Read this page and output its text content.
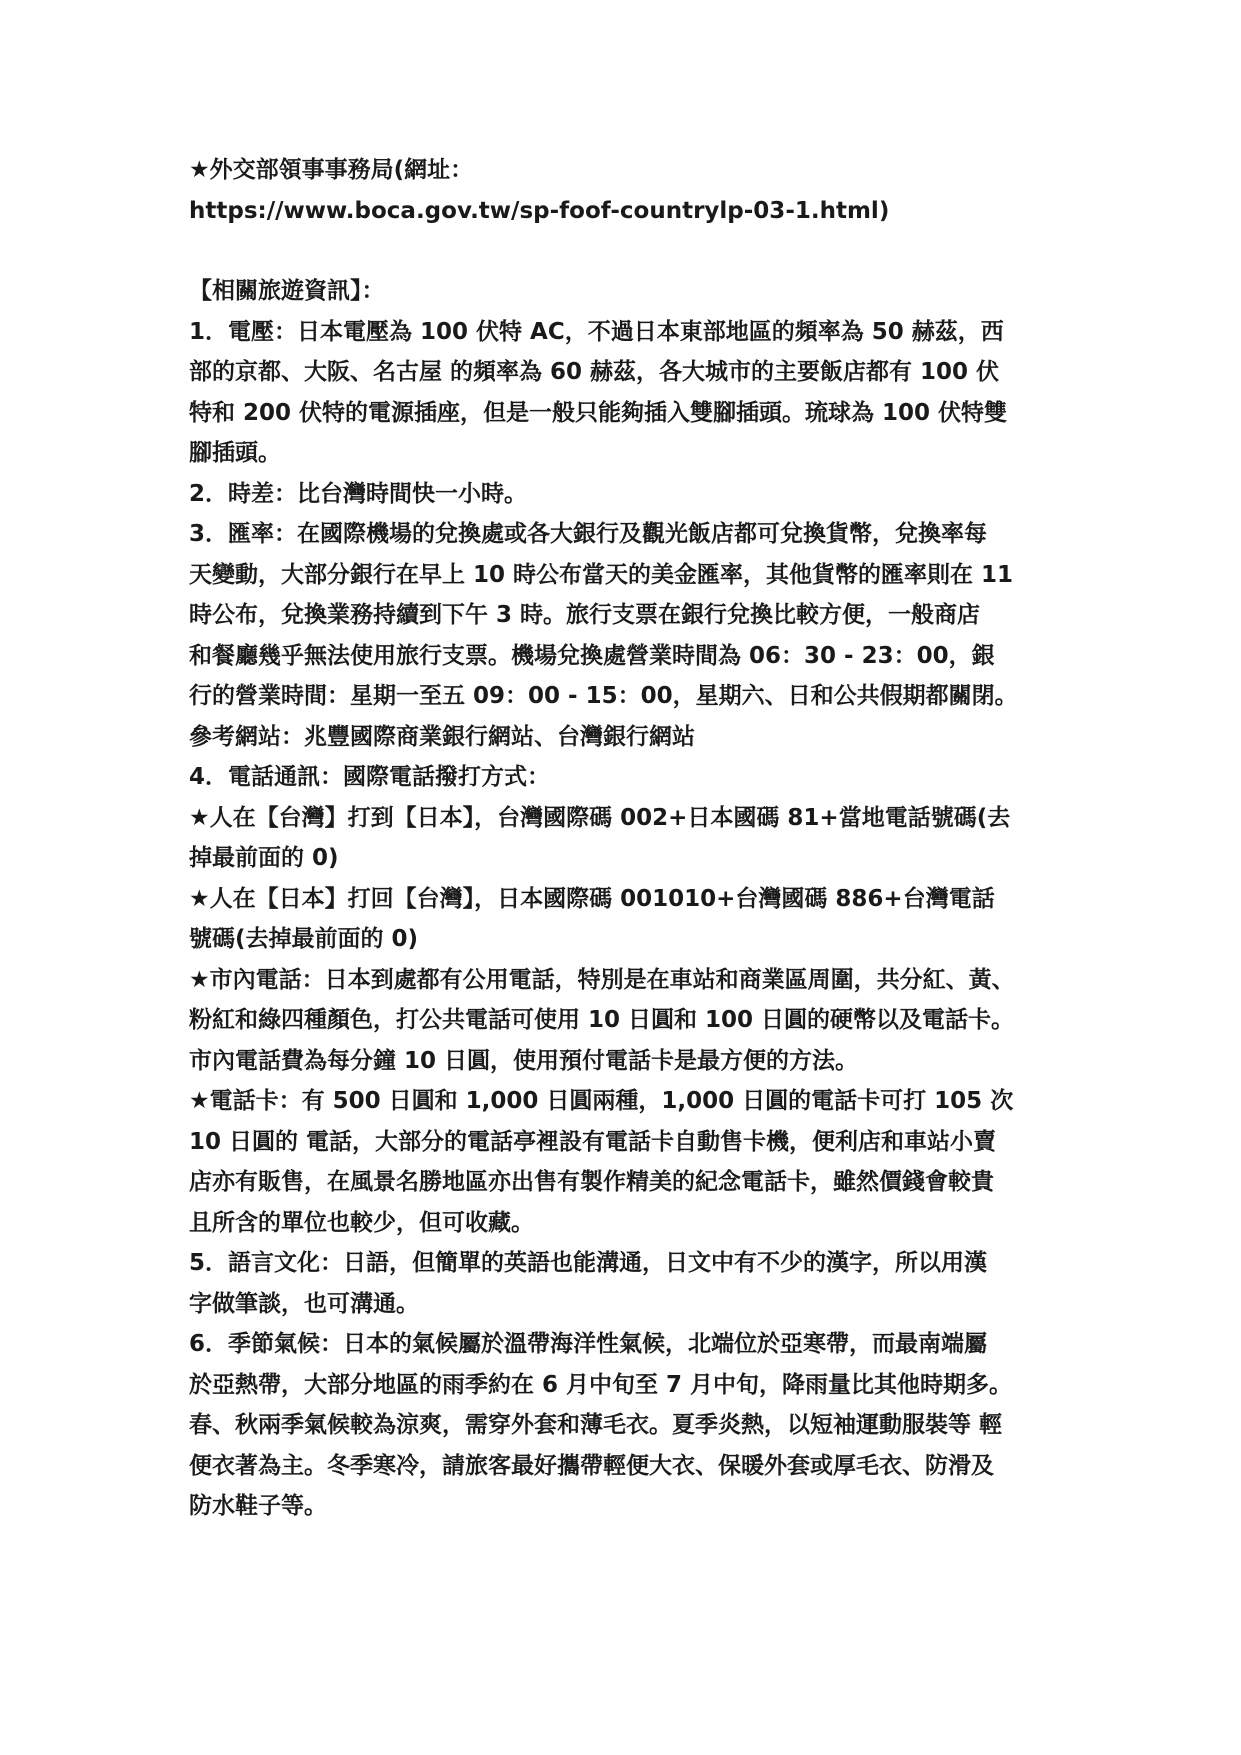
★外交部領事事務局(網址：
https://www.boca.gov.tw/sp-foof-countrylp-03-1.html)
【相關旅遊資訊】：
1．電壓：日本電壓為 100 伏特 AC，不過日本東部地區的頻率為 50 赫茲，西
部的京都、大阪、名古屋 的頻率為 60 赫茲，各大城市的主要飯店都有 100 伏
特和 200 伏特的電源插座，但是一般只能夠插入雙腳插頭。琉球為 100 伏特雙
腳插頭。
2．時差：比台灣時間快一小時。
3．匯率：在國際機場的兌換處或各大銀行及觀光飯店都可兌換貨幣，兌換率每
天變動，大部分銀行在早上 10 時公布當天的美金匯率，其他貨幣的匯率則在 11
時公布，兌換業務持續到下午 3 時。旅行支票在銀行兌換比較方便，一般商店
和餐廳幾乎無法使用旅行支票。機場兌換處營業時間為 06：30 - 23：00，銀
行的營業時間：星期一至五 09：00 - 15：00，星期六、日和公共假期都關閉。
參考網站：兆豐國際商業銀行網站、台灣銀行網站
4．電話通訊：國際電話撥打方式：
★人在【台灣】打到【日本】，台灣國際碼 002+日本國碼 81+當地電話號碼(去
掉最前面的 0)
★人在【日本】打回【台灣】，日本國際碼 001010+台灣國碼 886+台灣電話
號碼(去掉最前面的 0)
★市內電話：日本到處都有公用電話，特別是在車站和商業區周圍，共分紅、黃、
粉紅和綠四種顏色，打公共電話可使用 10 日圓和 100 日圓的硬幣以及電話卡。
市內電話費為每分鐘 10 日圓，使用預付電話卡是最方便的方法。
★電話卡：有 500 日圓和 1,000 日圓兩種，1,000 日圓的電話卡可打 105 次
10 日圓的 電話，大部分的電話亭裡設有電話卡自動售卡機，便利店和車站小賣
店亦有販售，在風景名勝地區亦出售有製作精美的紀念電話卡，雖然價錢會較貴
且所含的單位也較少，但可收藏。
5．語言文化：日語，但簡單的英語也能溝通，日文中有不少的漢字，所以用漢
字做筆談，也可溝通。
6．季節氣候：日本的氣候屬於溫帶海洋性氣候，北端位於亞寒帶，而最南端屬
於亞熱帶，大部分地區的雨季約在 6 月中旬至 7 月中旬，降雨量比其他時期多。
春、秋兩季氣候較為涼爽，需穿外套和薄毛衣。夏季炎熱，以短袖運動服裝等 輕
便衣著為主。冬季寒冷，請旅客最好攜帶輕便大衣、保暖外套或厚毛衣、防滑及
防水鞋子等。
